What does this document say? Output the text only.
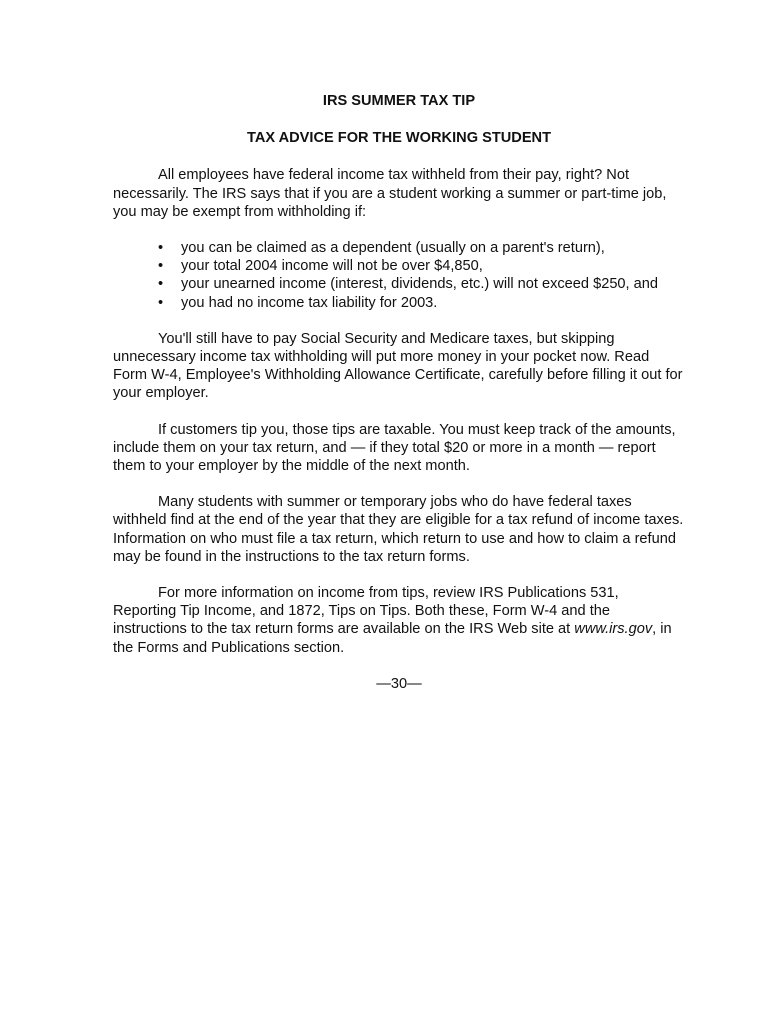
IRS SUMMER TAX TIP

TAX ADVICE FOR THE WORKING STUDENT

All employees have federal income tax withheld from their pay, right? Not necessarily. The IRS says that if you are a student working a summer or part-time job, you may be exempt from withholding if:

• you can be claimed as a dependent (usually on a parent's return),
• your total 2004 income will not be over $4,850,
• your unearned income (interest, dividends, etc.) will not exceed $250, and
• you had no income tax liability for 2003.

You'll still have to pay Social Security and Medicare taxes, but skipping unnecessary income tax withholding will put more money in your pocket now. Read Form W-4, Employee's Withholding Allowance Certificate, carefully before filling it out for your employer.

If customers tip you, those tips are taxable. You must keep track of the amounts, include them on your tax return, and — if they total $20 or more in a month — report them to your employer by the middle of the next month.

Many students with summer or temporary jobs who do have federal taxes withheld find at the end of the year that they are eligible for a tax refund of income taxes. Information on who must file a tax return, which return to use and how to claim a refund may be found in the instructions to the tax return forms.

For more information on income from tips, review IRS Publications 531, Reporting Tip Income, and 1872, Tips on Tips. Both these, Form W-4 and the instructions to the tax return forms are available on the IRS Web site at www.irs.gov, in the Forms and Publications section.

—30—
